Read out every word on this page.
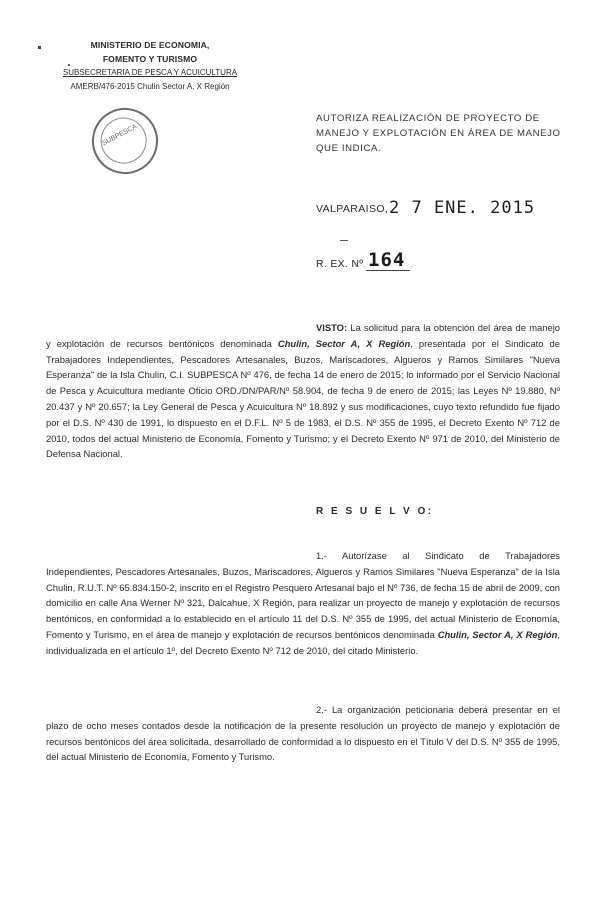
MINISTERIO DE ECONOMIA,
FOMENTO Y TURISMO
SUBSECRETARIA DE PESCA Y ACUICULTURA
AMERB/476-2015 Chulin Sector A, X Región
SUBPESCA
AUTORIZA REALIZACIÓN DE PROYECTO DE
MANEJO Y EXPLOTACIÓN EN ÁREA DE MANEJO
QUE INDICA.
VALPARAISO, 2 7 ENE. 2015
R. EX. Nº 164
VISTO: La solicitud para la obtención del área de manejo y explotación de recursos bentónicos denominada Chulin, Sector A, X Región, presentada por el Sindicato de Trabajadores Independientes, Pescadores Artesanales, Buzos, Mariscadores, Algueros y Ramos Similares "Nueva Esperanza" de la Isla Chulin, C.I. SUBPESCA Nº 476, de fecha 14 de enero de 2015; lo informado por el Servicio Nacional de Pesca y Acuicultura mediante Oficio ORD./DN/PAR/Nº 58.904, de fecha 9 de enero de 2015; las Leyes Nº 19.880, Nº 20.437 y Nº 20.657; la Ley General de Pesca y Acuicultura Nº 18.892 y sus modificaciones, cuyo texto refundido fue fijado por el D.S. Nº 430 de 1991, lo dispuesto en el D.F.L. Nº 5 de 1983, el D.S. Nº 355 de 1995, el Decreto Exento Nº 712 de 2010, todos del actual Ministerio de Economía, Fomento y Turismo; y el Decreto Exento Nº 971 de 2010, del Ministerio de Defensa Nacional.
R E S U E L V O:
1.- Autorízase al Sindicato de Trabajadores Independientes, Pescadores Artesanales, Buzos, Mariscadores, Algueros y Ramos Similares "Nueva Esperanza" de la Isla Chulin, R.U.T. Nº 65.834.150-2, inscrito en el Registro Pesquero Artesanal bajo el Nº 736, de fecha 15 de abril de 2009, con domicilio en calle Ana Werner Nº 321, Dalcahue, X Región, para realizar un proyecto de manejo y explotación de recursos bentónicos, en conformidad a lo establecido en el artículo 11 del D.S. Nº 355 de 1995, del actual Ministerio de Economía, Fomento y Turismo, en el área de manejo y explotación de recursos bentónicos denominada Chulin, Sector A, X Región, individualizada en el artículo 1º, del Decreto Exento Nº 712 de 2010, del citado Ministerio.
2.- La organización peticionaria deberá presentar en el plazo de ocho meses contados desde la notificación de la presente resolución un proyecto de manejo y explotación de recursos bentónicos del área solicitada, desarrollado de conformidad a lo dispuesto en el Título V del D.S. Nº 355 de 1995, del actual Ministerio de Economía, Fomento y Turismo.
